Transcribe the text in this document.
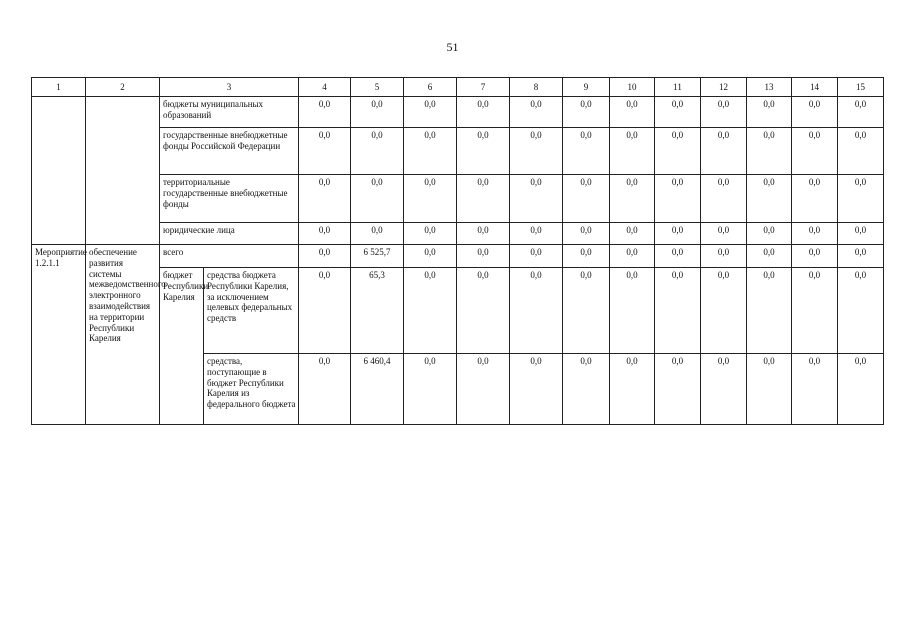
51
1	2	3		4	5	6	7	8	9	10	11	12	13	14	15
		бюджеты муниципальных образований		0,0	0,0	0,0	0,0	0,0	0,0	0,0	0,0	0,0	0,0	0,0	0,0
		государственные внебюджетные фонды Российской Федерации		0,0	0,0	0,0	0,0	0,0	0,0	0,0	0,0	0,0	0,0	0,0	0,0
		территориальные государственные внебюджетные фонды		0,0	0,0	0,0	0,0	0,0	0,0	0,0	0,0	0,0	0,0	0,0	0,0
		юридические лица		0,0	0,0	0,0	0,0	0,0	0,0	0,0	0,0	0,0	0,0	0,0	0,0
Мероприятие 1.2.1.1	обеспечение развития системы межведомственного электронного взаимодействия на территории Республики Карелия	всего		0,0	6 525,7	0,0	0,0	0,0	0,0	0,0	0,0	0,0	0,0	0,0	0,0
		бюджет Республики Карелия	средства бюджета Республики Карелия, за исключением целевых федеральных средств	0,0	65,3	0,0	0,0	0,0	0,0	0,0	0,0	0,0	0,0	0,0	0,0
			средства, поступающие в бюджет Республики Карелия из федерального бюджета	0,0	6 460,4	0,0	0,0	0,0	0,0	0,0	0,0	0,0	0,0	0,0	0,0
